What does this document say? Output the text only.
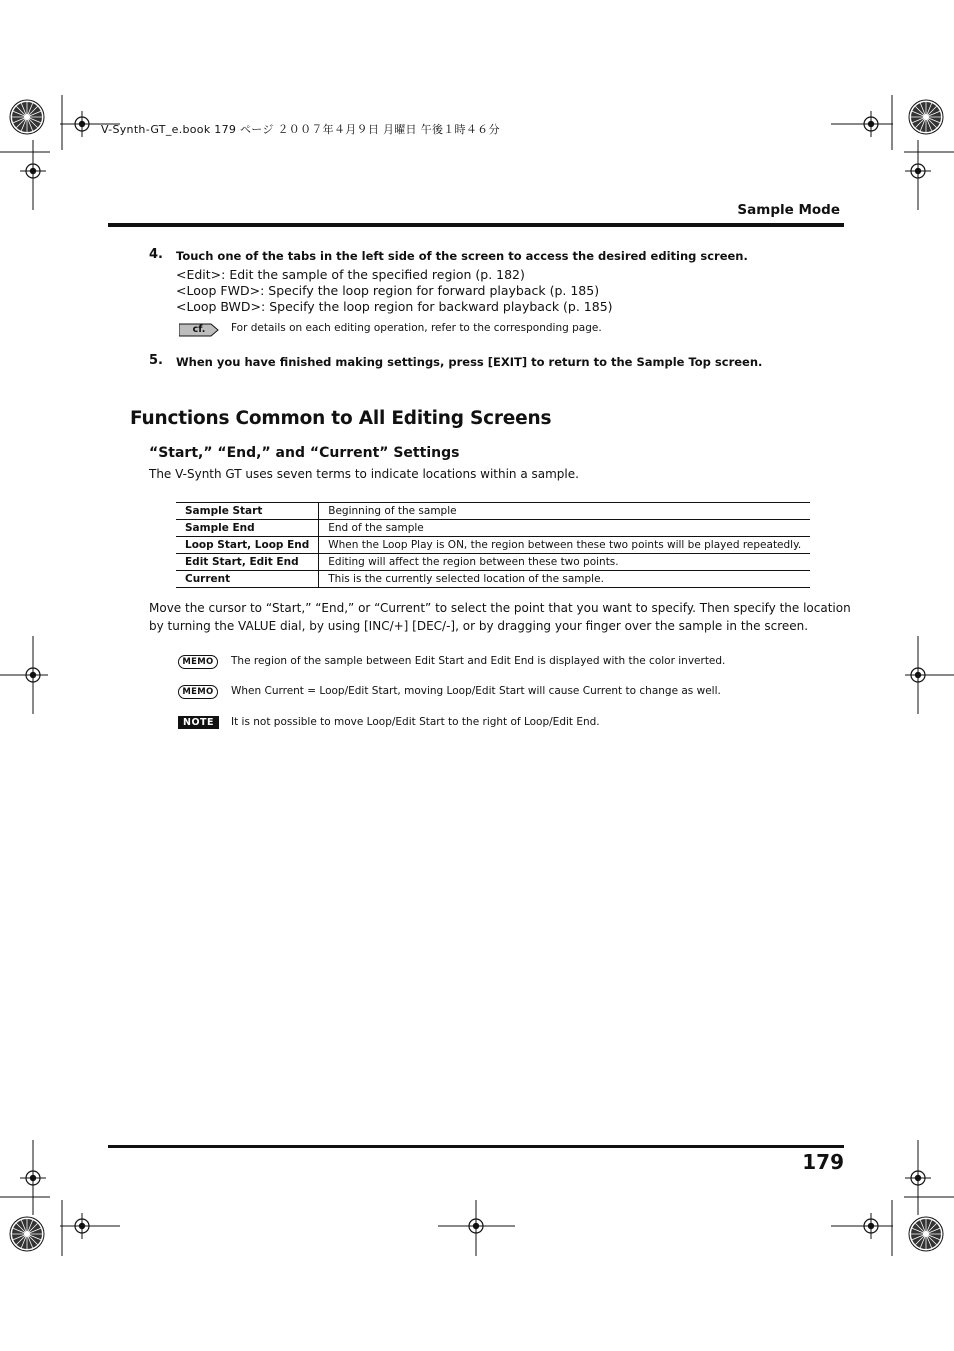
V-Synth-GT_e.book 179 ページ ２００７年４月９日 月曜日 午後１時４６分
Sample Mode
4. Touch one of the tabs in the left side of the screen to access the desired editing screen.
<Edit>: Edit the sample of the specified region (p. 182)
<Loop FWD>: Specify the loop region for forward playback (p. 185)
<Loop BWD>: Specify the loop region for backward playback (p. 185)
cf.	For details on each editing operation, refer to the corresponding page.
5. When you have finished making settings, press [EXIT] to return to the Sample Top screen.
Functions Common to All Editing Screens
“Start,” “End,” and “Current” Settings
The V-Synth GT uses seven terms to indicate locations within a sample.
Sample Start	Beginning of the sample
Sample End	End of the sample
Loop Start, Loop End	When the Loop Play is ON, the region between these two points will be played repeatedly.
Edit Start, Edit End	Editing will affect the region between these two points.
Current	This is the currently selected location of the sample.
Move the cursor to “Start,” “End,” or “Current” to select the point that you want to specify. Then specify the location
by turning the VALUE dial, by using [INC/+] [DEC/-], or by dragging your finger over the sample in the screen.
MEMO	The region of the sample between Edit Start and Edit End is displayed with the color inverted.
MEMO	When Current = Loop/Edit Start, moving Loop/Edit Start will cause Current to change as well.
NOTE	It is not possible to move Loop/Edit Start to the right of Loop/Edit End.
179
